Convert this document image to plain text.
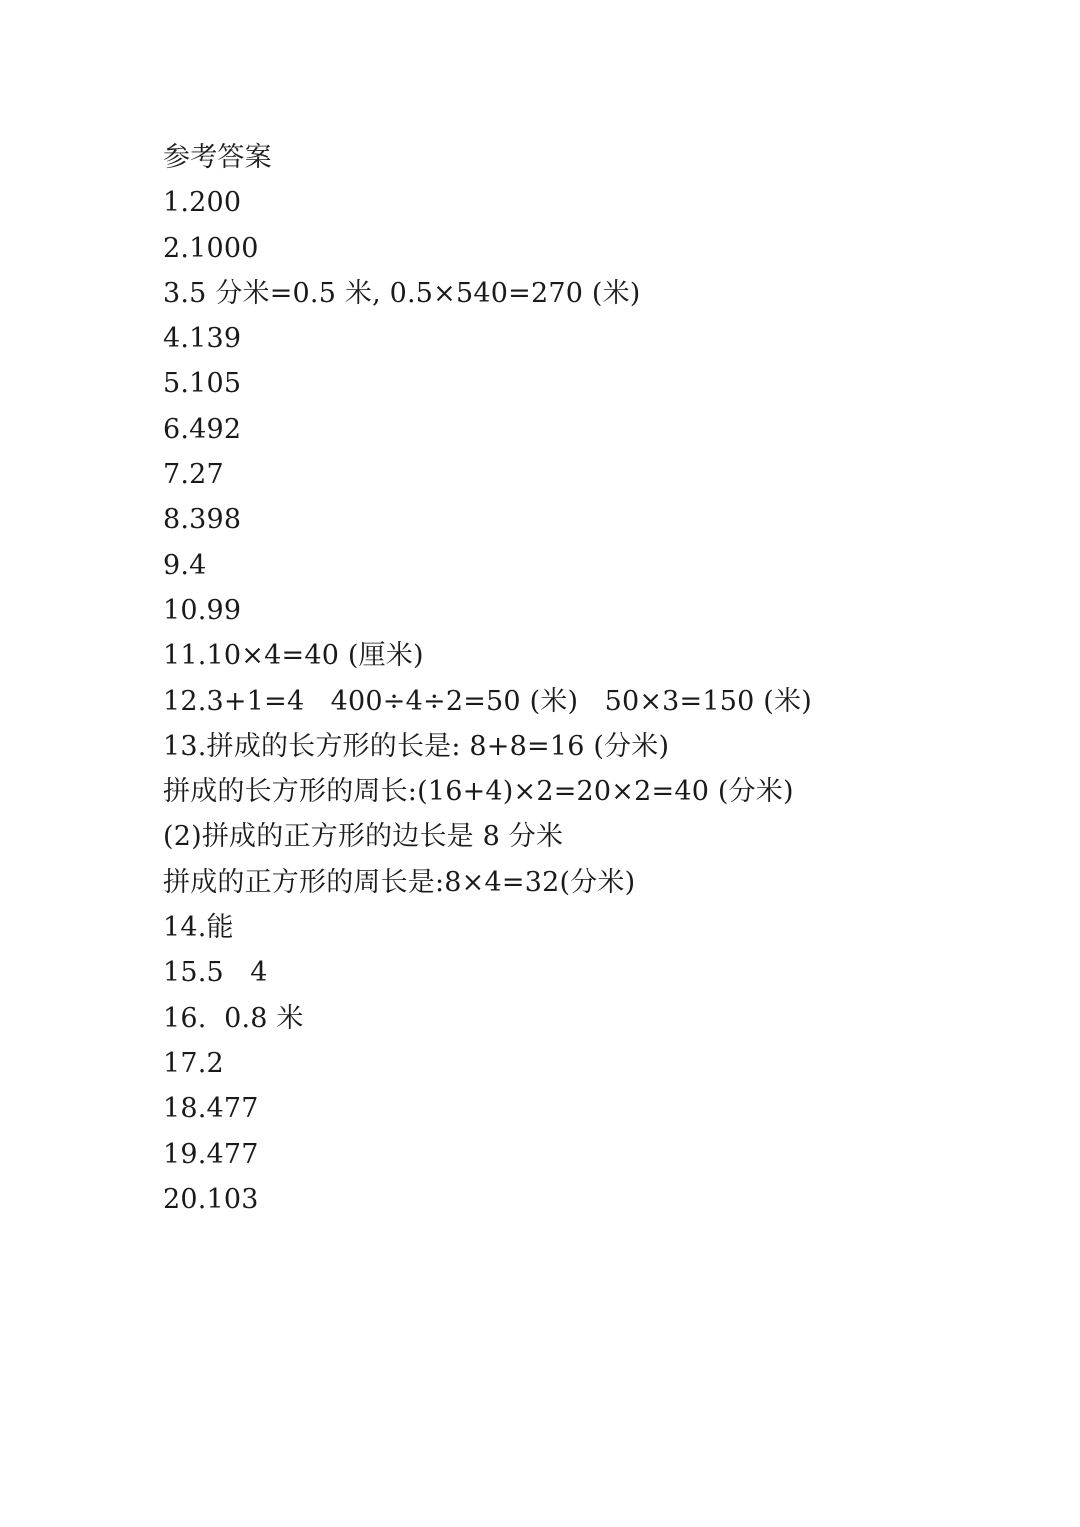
参考答案
1.200
2.1000
3.5 分米=0.5 米, 0.5×540=270 (米)
4.139
5.105
6.492
7.27
8.398
9.4
10.99
11.10×4=40 (厘米)
12.3+1=4   400÷4÷2=50 (米)   50×3=150 (米)
13.拼成的长方形的长是: 8+8=16 (分米)
拼成的长方形的周长:(16+4)×2=20×2=40 (分米)
(2)拼成的正方形的边长是 8 分米
拼成的正方形的周长是:8×4=32(分米)
14.能
15.5   4
16.  0.8 米
17.2
18.477
19.477
20.103
